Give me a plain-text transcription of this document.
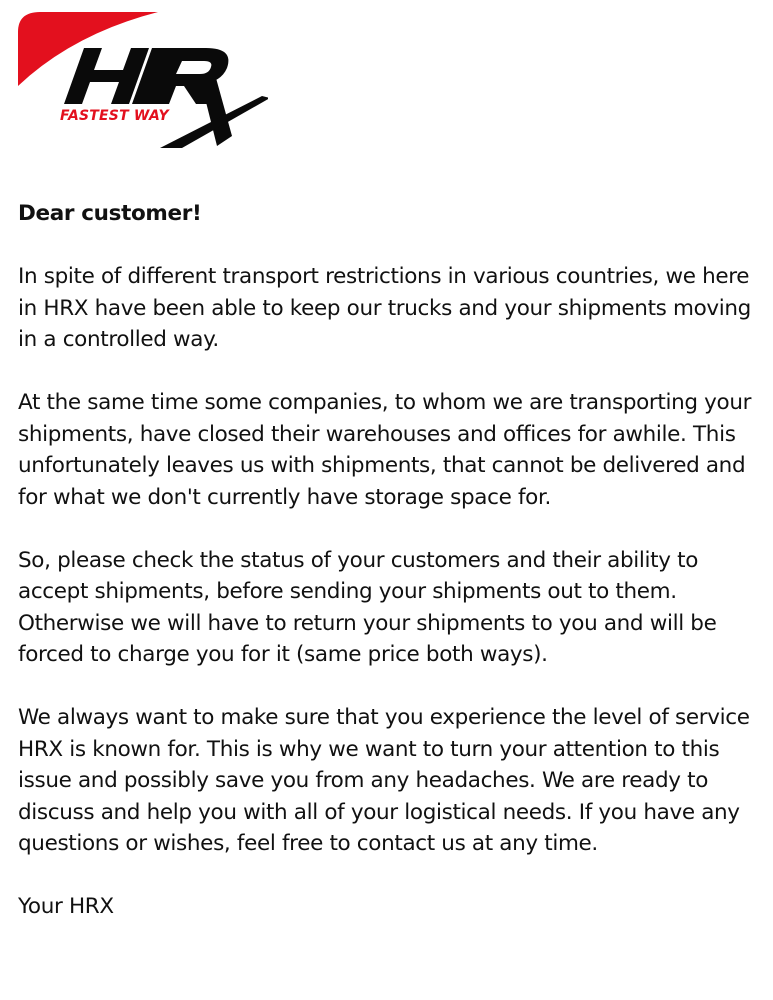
FASTEST WAY

Dear customer!

In spite of different transport restrictions in various countries, we here in HRX have been able to keep our trucks and your shipments moving in a controlled way.

At the same time some companies, to whom we are transporting your shipments, have closed their warehouses and offices for awhile. This unfortunately leaves us with shipments, that cannot be delivered and for what we don't currently have storage space for.

So, please check the status of your customers and their ability to accept shipments, before sending your shipments out to them. Otherwise we will have to return your shipments to you and will be forced to charge you for it (same price both ways).

We always want to make sure that you experience the level of service HRX is known for. This is why we want to turn your attention to this issue and possibly save you from any headaches. We are ready to discuss and help you with all of your logistical needs. If you have any questions or wishes, feel free to contact us at any time.

Your HRX
